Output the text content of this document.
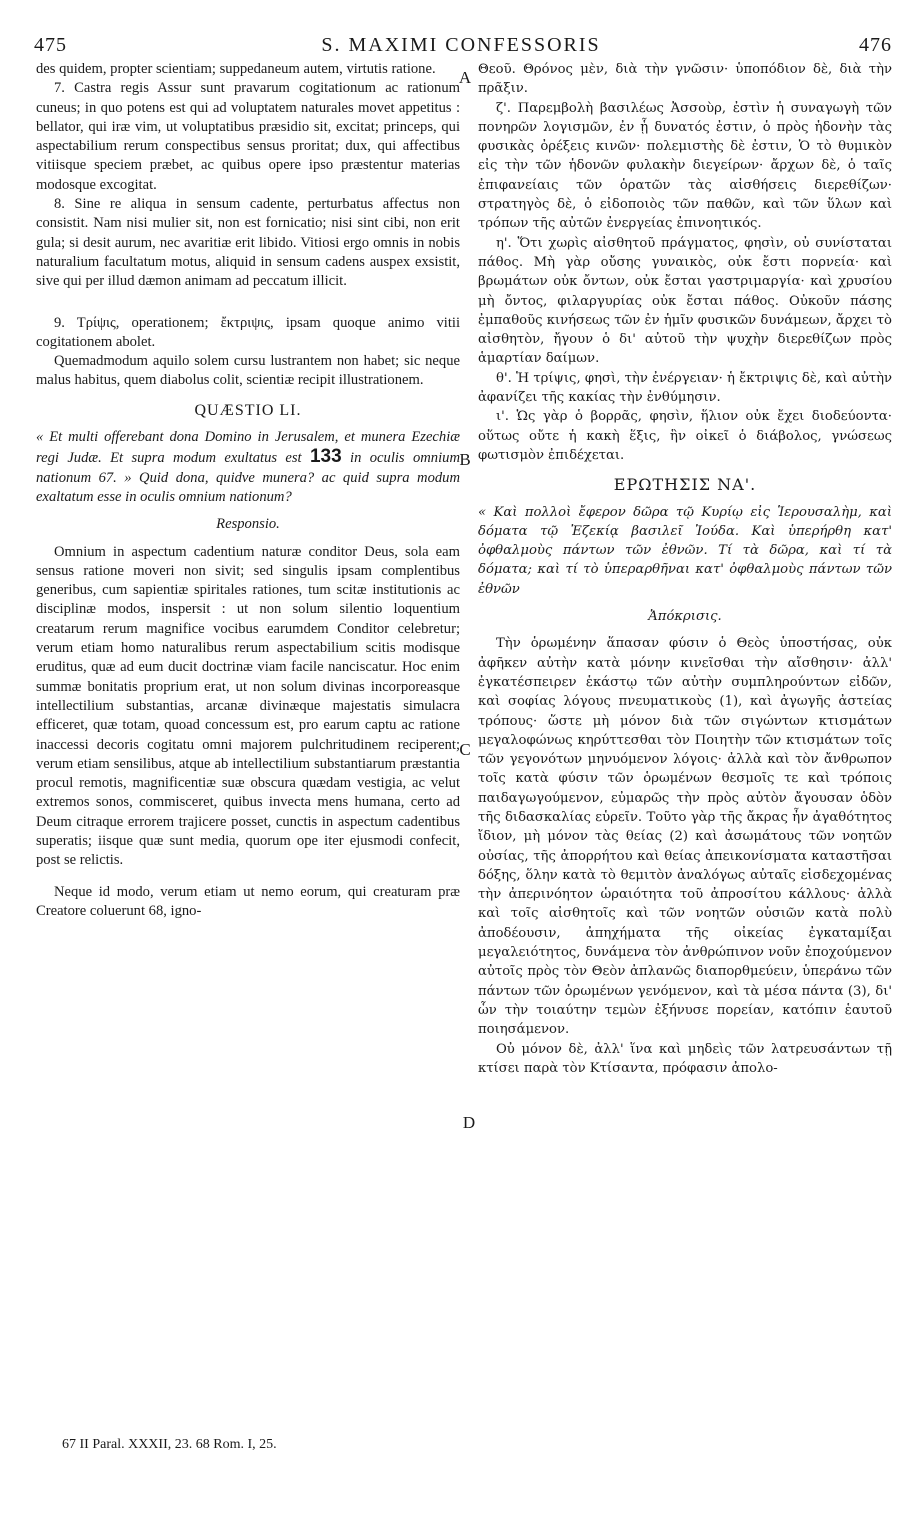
475	S. MAXIMI CONFESSORIS	476

des quidem, propter scientiam; suppedaneum autem, virtutis ratione.

7. Castra regis Assur sunt pravarum cogitationum ac rationum cuneus; in quo potens est qui ad voluptatem naturales movet appetitus : bellator, qui iræ vim, ut voluptatibus præsidio sit, excitat; princeps, qui aspectabilium rerum conspectibus sensus proritat; dux, qui affectibus vitiisque speciem præbet, ac quibus opere ipso præstentur materias modosque excogitat.

8. Sine re aliqua in sensum cadente, perturbatus affectus non consistit. Nam nisi mulier sit, non est fornicatio; nisi sint cibi, non erit gula; si desit aurum, nec avaritiæ erit libido. Vitiosi ergo omnis in nobis naturalium facultatum motus, aliquid in sensum cadens auspex exsistit, sive qui per illud dæmon animam ad peccatum illicit.

9. Τρίψις, operationem; ἔκτριψις, ipsam quoque animo vitii cogitationem abolet.

Quemadmodum aquilo solem cursu lustrantem non habet; sic neque malus habitus, quem diabolus colit, scientiæ recipit illustrationem.

QUÆSTIO LI.

« Et multi offerebant dona Domino in Jerusalem, et munera Ezechiæ regi Judæ. Et supra modum exultatus est 133 in oculis omnium nationum 67. » Quid dona, quidve munera? ac quid supra modum exaltatum esse in oculis omnium nationum?

Responsio.

Omnium in aspectum cadentium naturæ conditor Deus, sola eam sensus ratione moveri non sivit; sed singulis ipsam complentibus generibus, cum sapientiæ spiritales rationes, tum scitæ institutionis ac disciplinæ modos, inspersit : ut non solum silentio loquentium creatarum rerum magnifice vocibus earumdem Conditor celebretur; verum etiam homo naturalibus rerum aspectabilium scitis modisque eruditus, quæ ad eum ducit doctrinæ viam facile nanciscatur. Hoc enim summæ bonitatis proprium erat, ut non solum divinas incorporeasque intellectilium substantias, arcanæ divinæque majestatis simulacra efficeret, quæ totam, quoad concessum est, pro earum captu ac ratione inaccessi decoris cogitatu omni majorem pulchritudinem reciperent; verum etiam sensilibus, atque ab intellectilium substantiarum præstantia procul remotis, magnificentiæ suæ obscura quædam vestigia, ac velut extremos sonos, commisceret, quibus invecta mens humana, certo ad Deum citraque errorem trajicere posset, cunctis in aspectum cadentibus superatis; iisque quæ sunt media, quorum ope iter ejusmodi confecit, post se relictis.

Neque id modo, verum etiam ut nemo eorum, qui creaturam præ Creatore coluerunt 68, igno-

A
B
C
D

Θεοῦ. Θρόνος μὲν, διὰ τὴν γνῶσιν· ὑποπόδιον δὲ, διὰ τὴν πρᾶξιν.

ζ'. Παρεμβολὴ βασιλέως Ἀσσοὺρ, ἐστὶν ἡ συναγωγὴ τῶν πονηρῶν λογισμῶν, ἐν ᾗ δυνατός ἐστιν, ὁ πρὸς ἡδονὴν τὰς φυσικὰς ὀρέξεις κινῶν· πολεμιστὴς δὲ ἐστιν, Ὁ τὸ θυμικὸν εἰς τὴν τῶν ἡδονῶν φυλακὴν διεγείρων· ἄρχων δὲ, ὁ ταῖς ἐπιφανείαις τῶν ὁρατῶν τὰς αἰσθήσεις διερεθίζων· στρατηγὸς δὲ, ὁ εἰδοποιὸς τῶν παθῶν, καὶ τῶν ὕλων καὶ τρόπων τῆς αὐτῶν ἐνεργείας ἐπινοητικός.

η'. Ὅτι χωρὶς αἰσθητοῦ πράγματος, φησὶν, οὐ συνίσταται πάθος. Μὴ γὰρ οὔσης γυναικὸς, οὐκ ἔστι πορνεία· καὶ βρωμάτων οὐκ ὄντων, οὐκ ἔσται γαστριμαργία· καὶ χρυσίου μὴ ὄντος, φιλαργυρίας οὐκ ἔσται πάθος. Οὐκοῦν πάσης ἐμπαθοῦς κινήσεως τῶν ἐν ἡμῖν φυσικῶν δυνάμεων, ἄρχει τὸ αἰσθητὸν, ἤγουν ὁ δι' αὐτοῦ τὴν ψυχὴν διερεθίζων πρὸς ἁμαρτίαν δαίμων.

θ'. Ἡ τρίψις, φησὶ, τὴν ἐνέργειαν· ἡ ἔκτριψις δὲ, καὶ αὐτὴν ἀφανίζει τῆς κακίας τὴν ἐνθύμησιν.

ι'. Ὡς γὰρ ὁ βορρᾶς, φησὶν, ἥλιον οὐκ ἔχει διοδεύοντα· οὕτως οὔτε ἡ κακὴ ἕξις, ἣν οἰκεῖ ὁ διάβολος, γνώσεως φωτισμὸν ἐπιδέχεται.

ΕΡΩΤΗΣΙΣ ΝΑ'.

« Καὶ πολλοὶ ἔφερον δῶρα τῷ Κυρίῳ εἰς Ἱερουσαλὴμ, καὶ δόματα τῷ Ἐζεκίᾳ βασιλεῖ Ἰούδα. Καὶ ὑπερήρθη κατ' ὀφθαλμοὺς πάντων τῶν ἐθνῶν. Τί τὰ δῶρα, καὶ τί τὰ δόματα; καὶ τί τὸ ὑπεραρθῆναι κατ' ὀφθαλμοὺς πάντων τῶν ἐθνῶν

Ἀπόκρισις.

Τὴν ὁρωμένην ἅπασαν φύσιν ὁ Θεὸς ὑποστήσας, οὐκ ἀφῆκεν αὐτὴν κατὰ μόνην κινεῖσθαι τὴν αἴσθησιν· ἀλλ' ἐγκατέσπειρεν ἑκάστῳ τῶν αὐτὴν συμπληρούντων εἰδῶν, καὶ σοφίας λόγους πνευματικοὺς (1), καὶ ἀγωγῆς ἀστείας τρόπους· ὥστε μὴ μόνον διὰ τῶν σιγώντων κτισμάτων μεγαλοφώνως κηρύττεσθαι τὸν Ποιητὴν τῶν κτισμάτων τοῖς τῶν γεγονότων μηνυόμενον λόγοις· ἀλλὰ καὶ τὸν ἄνθρωπον τοῖς κατὰ φύσιν τῶν ὁρωμένων θεσμοῖς τε καὶ τρόποις παιδαγωγούμενον, εὐμαρῶς τὴν πρὸς αὐτὸν ἄγουσαν ὁδὸν τῆς διδασκαλίας εὑρεῖν. Τοῦτο γὰρ τῆς ἄκρας ἦν ἀγαθότητος ἴδιον, μὴ μόνον τὰς θείας (2) καὶ ἀσωμάτους τῶν νοητῶν οὐσίας, τῆς ἀπορρήτου καὶ θείας ἀπεικονίσματα καταστῆσαι δόξης, ὅλην κατὰ τὸ θεμιτὸν ἀναλόγως αὐταῖς εἰσδεχομένας τὴν ἀπερινόητον ὡραιότητα τοῦ ἀπροσίτου κάλλους· ἀλλὰ καὶ τοῖς αἰσθητοῖς καὶ τῶν νοητῶν οὐσιῶν κατὰ πολὺ ἀποδέουσιν, ἀπηχήματα τῆς οἰκείας ἐγκαταμίξαι μεγαλειότητος, δυνάμενα τὸν ἀνθρώπινον νοῦν ἐποχούμενον αὐτοῖς πρὸς τὸν Θεὸν ἀπλανῶς διαπορθμεύειν, ὑπεράνω τῶν πάντων τῶν ὁρωμένων γενόμενον, καὶ τὰ μέσα πάντα (3), δι' ὧν τὴν τοιαύτην τεμὼν ἐξήνυσε πορείαν, κατόπιν ἑαυτοῦ ποιησάμενον.

Οὐ μόνον δὲ, ἀλλ' ἵνα καὶ μηδεὶς τῶν λατρευσάντων τῇ κτίσει παρὰ τὸν Κτίσαντα, πρόφασιν ἀπολο-

67 II Paral. XXXII, 23. 68 Rom. I, 25.
